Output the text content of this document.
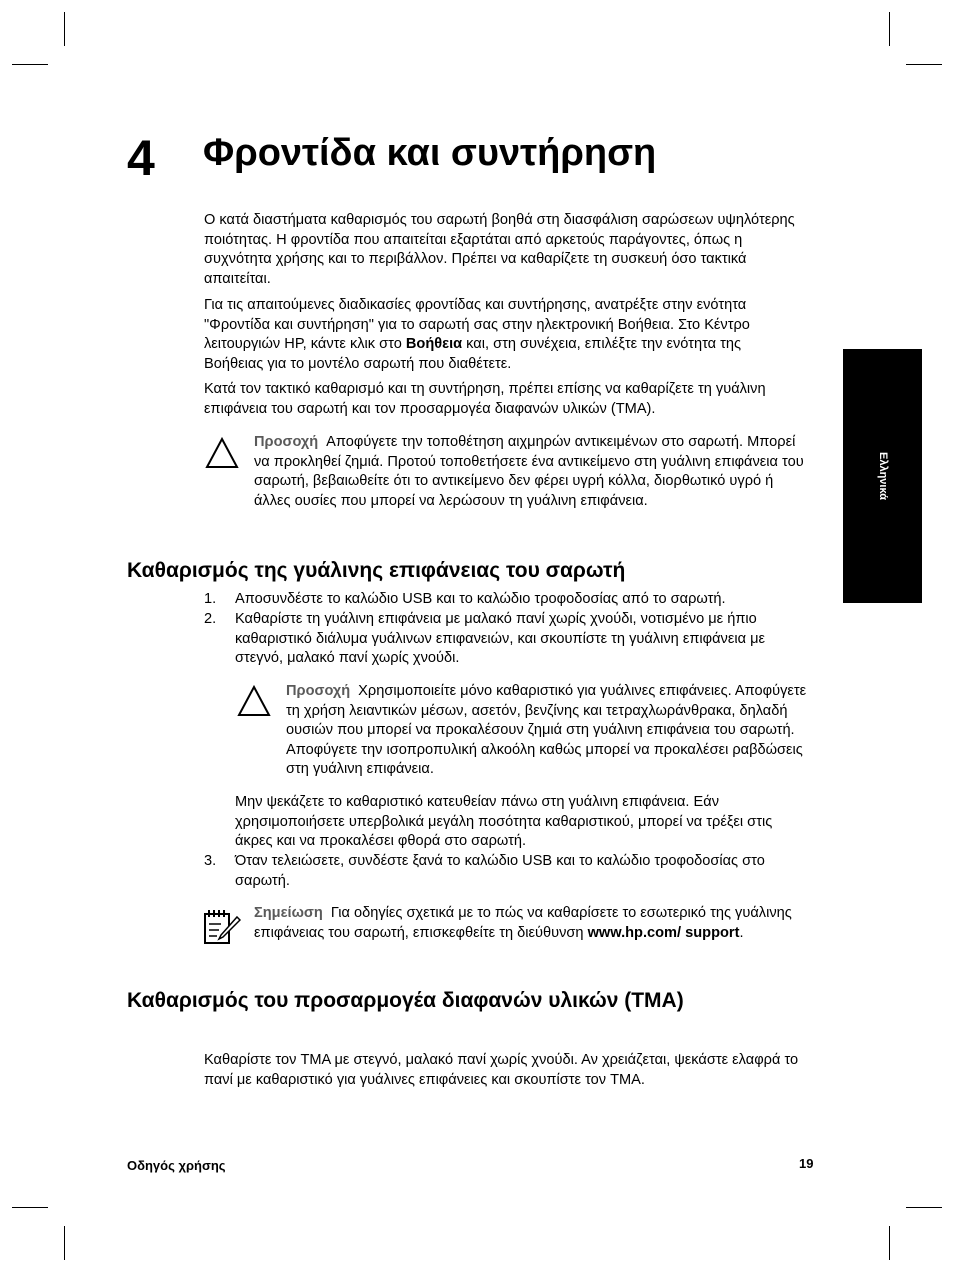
4 Φροντίδα και συντήρηση
Ελληνικά

Ο κατά διαστήματα καθαρισμός του σαρωτή βοηθά στη διασφάλιση σαρώσεων υψηλότερης ποιότητας. Η φροντίδα που απαιτείται εξαρτάται από αρκετούς παράγοντες, όπως η συχνότητα χρήσης και το περιβάλλον. Πρέπει να καθαρίζετε τη συσκευή όσο τακτικά απαιτείται.

Για τις απαιτούμενες διαδικασίες φροντίδας και συντήρησης, ανατρέξτε στην ενότητα "Φροντίδα και συντήρηση" για το σαρωτή σας στην ηλεκτρονική Βοήθεια. Στο Κέντρο λειτουργιών HP, κάντε κλικ στο Βοήθεια και, στη συνέχεια, επιλέξτε την ενότητα της Βοήθειας για το μοντέλο σαρωτή που διαθέτετε.

Κατά τον τακτικό καθαρισμό και τη συντήρηση, πρέπει επίσης να καθαρίζετε τη γυάλινη επιφάνεια του σαρωτή και τον προσαρμογέα διαφανών υλικών (TMA).

Προσοχή Αποφύγετε την τοποθέτηση αιχμηρών αντικειμένων στο σαρωτή. Μπορεί να προκληθεί ζημιά. Προτού τοποθετήσετε ένα αντικείμενο στη γυάλινη επιφάνεια του σαρωτή, βεβαιωθείτε ότι το αντικείμενο δεν φέρει υγρή κόλλα, διορθωτικό υγρό ή άλλες ουσίες που μπορεί να λερώσουν τη γυάλινη επιφάνεια.

Καθαρισμός της γυάλινης επιφάνειας του σαρωτή
1. Αποσυνδέστε το καλώδιο USB και το καλώδιο τροφοδοσίας από το σαρωτή.

2. Καθαρίστε τη γυάλινη επιφάνεια με μαλακό πανί χωρίς χνούδι, νοτισμένο με ήπιο καθαριστικό διάλυμα γυάλινων επιφανειών, και σκουπίστε τη γυάλινη επιφάνεια με στεγνό, μαλακό πανί χωρίς χνούδι.

Προσοχή Χρησιμοποιείτε μόνο καθαριστικό για γυάλινες επιφάνειες. Αποφύγετε τη χρήση λειαντικών μέσων, ασετόν, βενζίνης και τετραχλωράνθρακα, δηλαδή ουσιών που μπορεί να προκαλέσουν ζημιά στη γυάλινη επιφάνεια του σαρωτή. Αποφύγετε την ισοπροπυλική αλκοόλη καθώς μπορεί να προκαλέσει ραβδώσεις στη γυάλινη επιφάνεια.

Μην ψεκάζετε το καθαριστικό κατευθείαν πάνω στη γυάλινη επιφάνεια. Εάν χρησιμοποιήσετε υπερβολικά μεγάλη ποσότητα καθαριστικού, μπορεί να τρέξει στις άκρες και να προκαλέσει φθορά στο σαρωτή.

3. Όταν τελειώσετε, συνδέστε ξανά το καλώδιο USB και το καλώδιο τροφοδοσίας στο σαρωτή.

Σημείωση Για οδηγίες σχετικά με το πώς να καθαρίσετε το εσωτερικό της γυάλινης επιφάνειας του σαρωτή, επισκεφθείτε τη διεύθυνση www.hp.com/ support.

Καθαρισμός του προσαρμογέα διαφανών υλικών (TMA)

Καθαρίστε τον TMA με στεγνό, μαλακό πανί χωρίς χνούδι. Αν χρειάζεται, ψεκάστε ελαφρά το πανί με καθαριστικό για γυάλινες επιφάνειες και σκουπίστε τον TMA.

Οδηγός χρήσης	19
